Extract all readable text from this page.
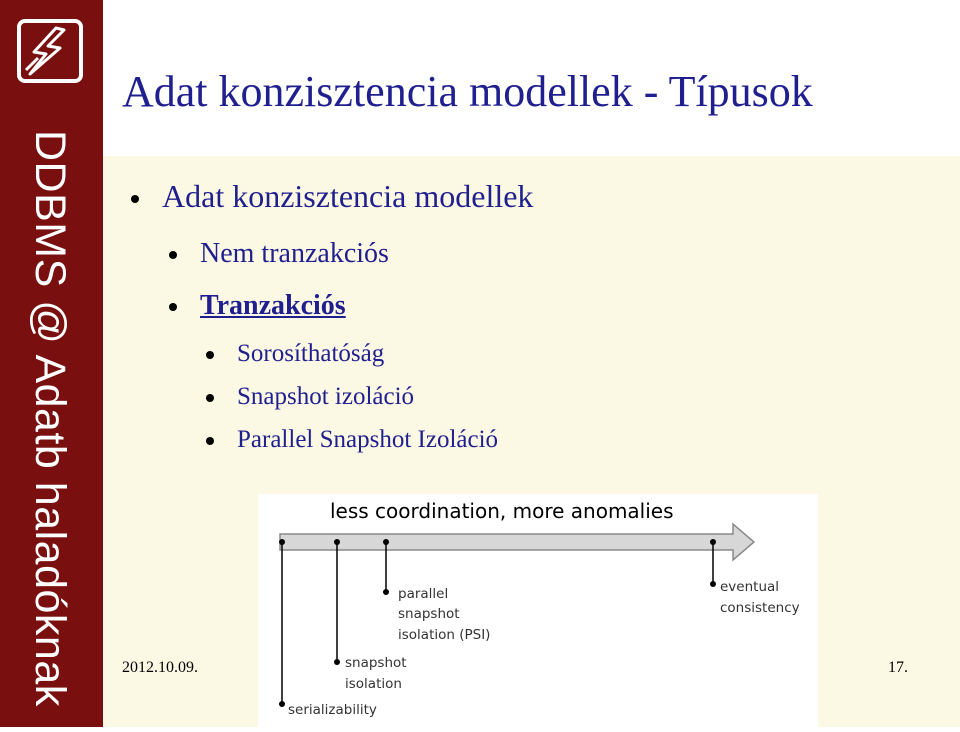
DDBMS @ Adatb haladóknak
Adat konzisztencia modellek - Típusok
Adat konzisztencia modellek
Nem tranzakciós
Tranzakciós
Sorosíthatóság
Snapshot izoláció
Parallel Snapshot Izoláció
less coordination, more anomalies
parallel
snapshot
isolation (PSI)
eventual
consistency
snapshot
isolation
serializability
2012.10.09.	17.
